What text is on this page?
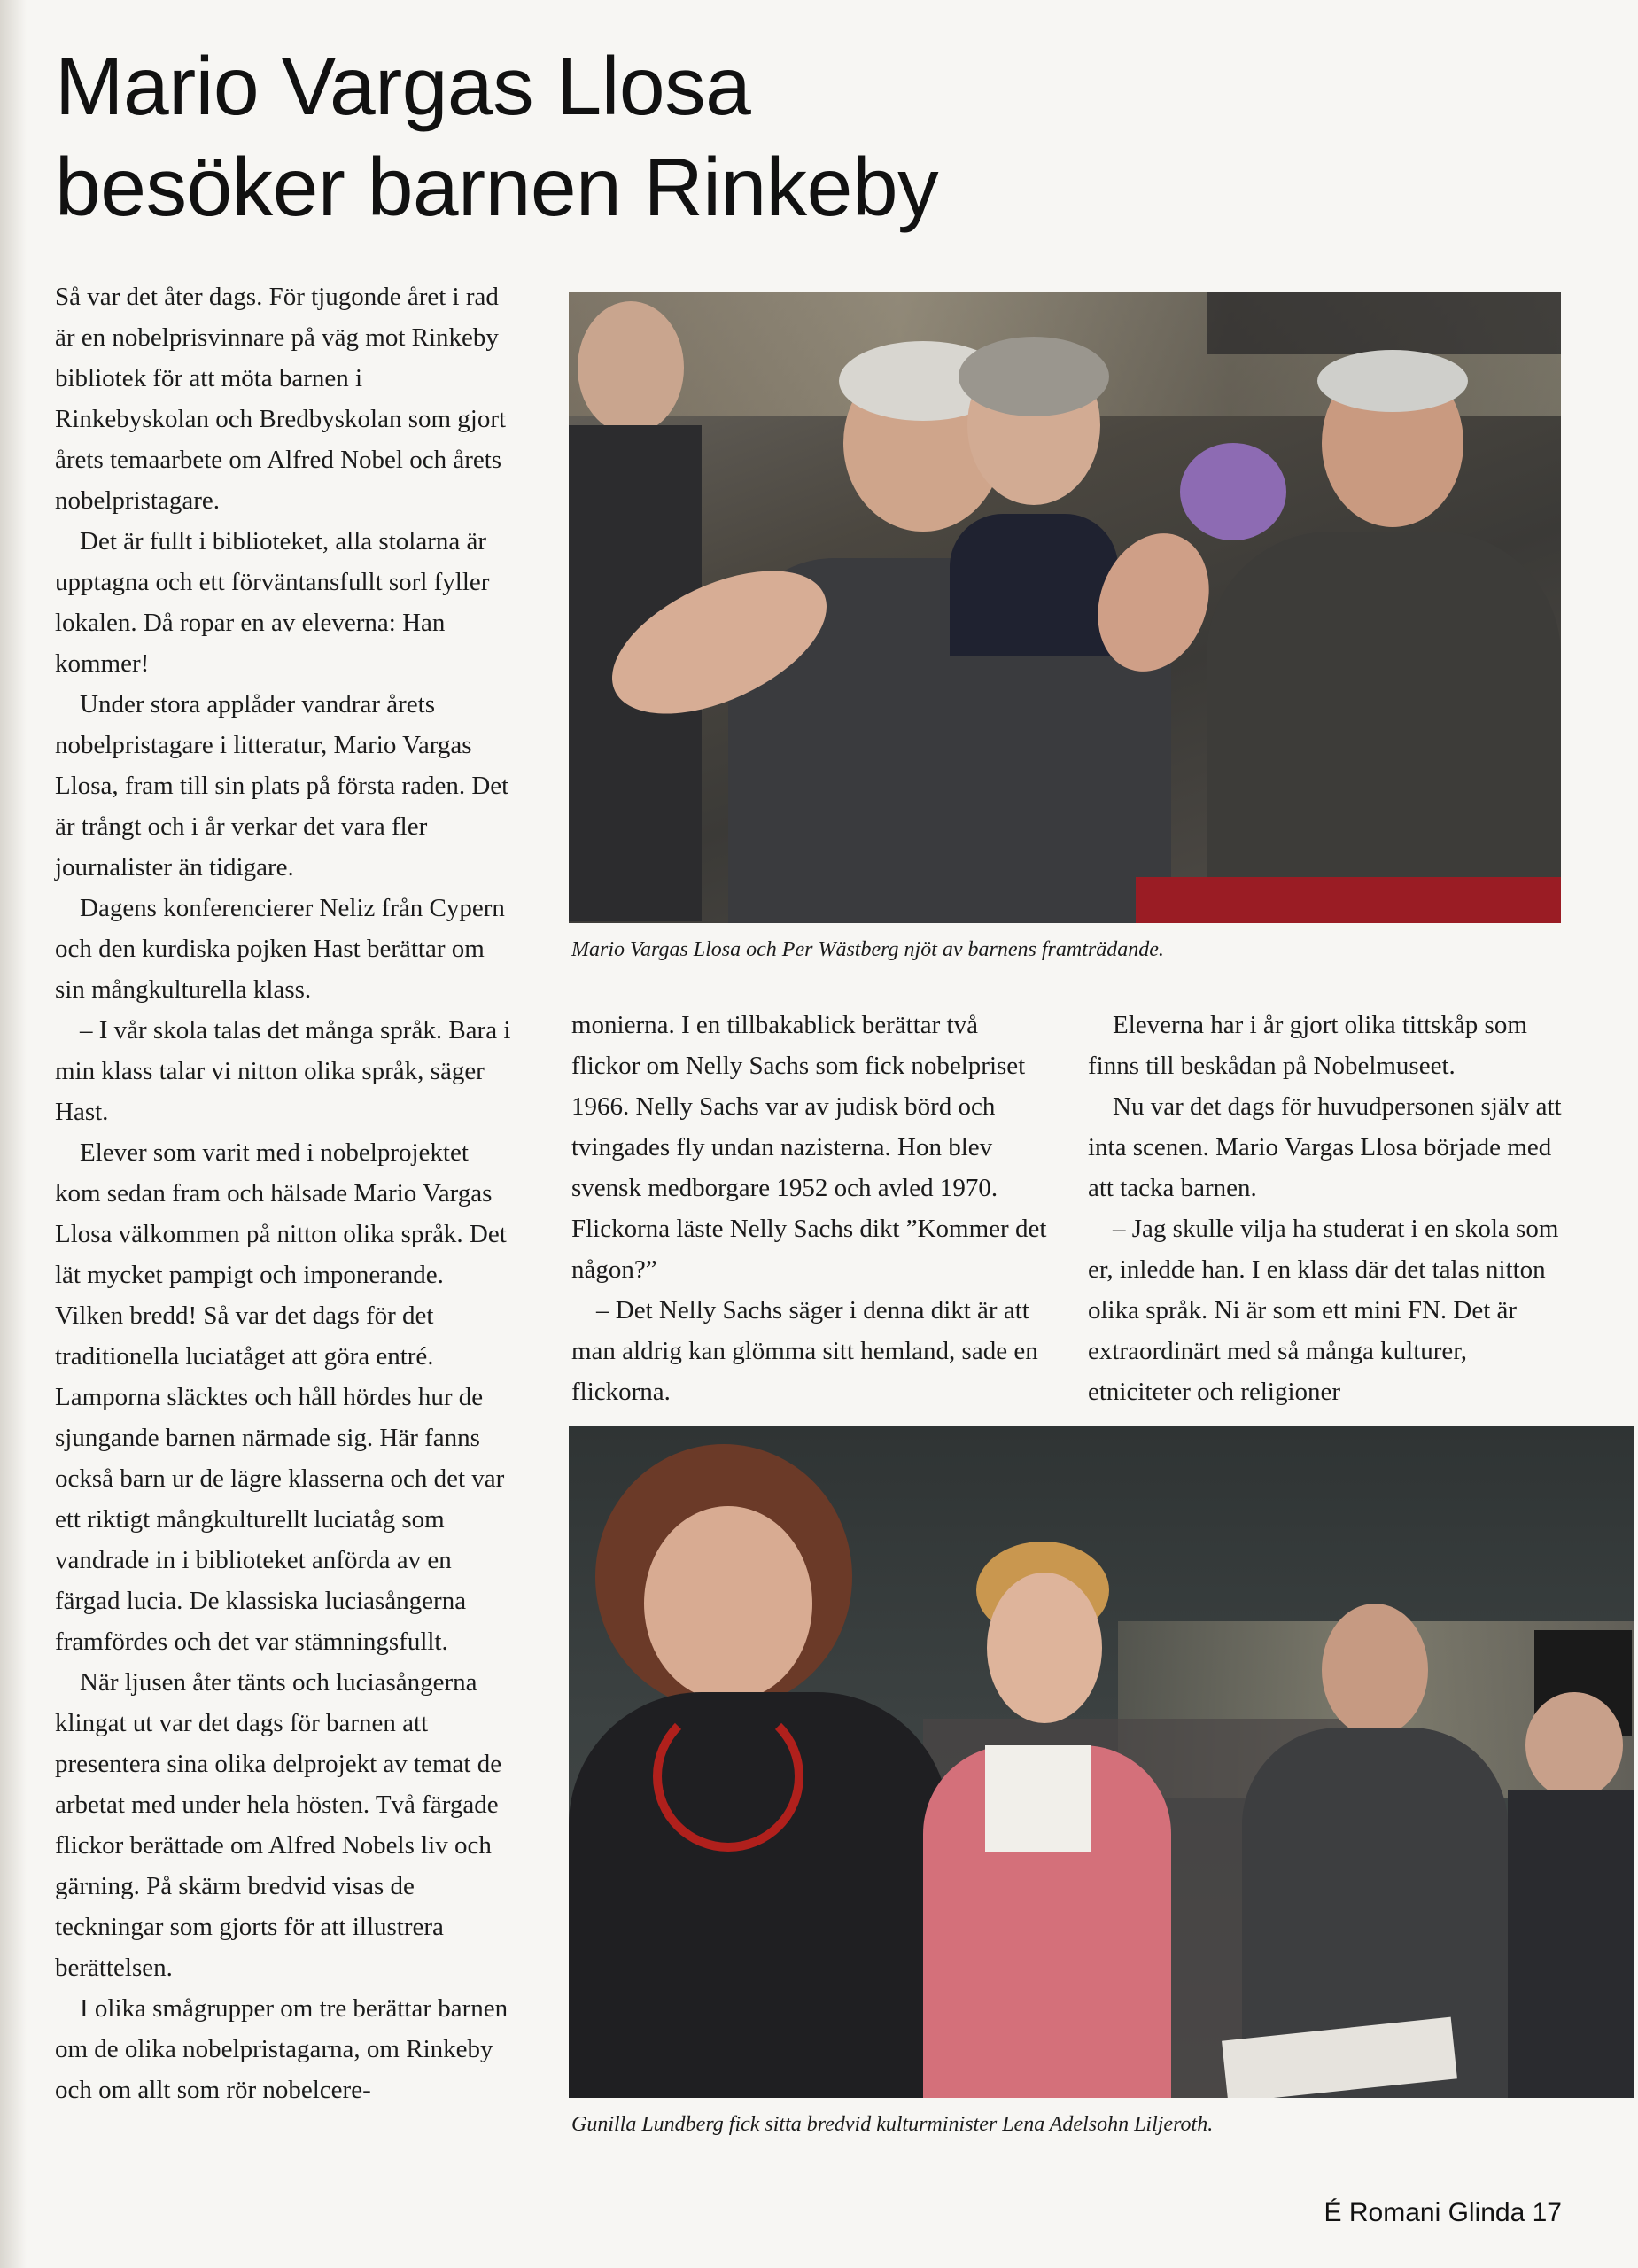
Mario Vargas Llosa
besöker barnen Rinkeby

Så var det åter dags. För tjugonde året i rad är en nobelprisvinnare på väg mot Rinkeby bibliotek för att möta barnen i Rinkebyskolan och Bredbyskolan som gjort årets temaarbete om Alfred Nobel och årets nobelpristagare.

Det är fullt i biblioteket, alla stolarna är upptagna och ett förväntansfullt sorl fyller lokalen. Då ropar en av eleverna: Han kommer!

Under stora applåder vandrar årets nobelpristagare i litteratur, Mario Vargas Llosa, fram till sin plats på första raden. Det är trångt och i år verkar det vara fler journalister än tidigare.

Dagens konferencierer Neliz från Cypern och den kurdiska pojken Hast berättar om sin mångkulturella klass.

– I vår skola talas det många språk. Bara i min klass talar vi nitton olika språk, säger Hast.

Elever som varit med i nobelprojektet kom sedan fram och hälsade Mario Vargas Llosa välkommen på nitton olika språk. Det lät mycket pampigt och imponerande. Vilken bredd! Så var det dags för det traditionella luciatåget att göra entré. Lamporna släcktes och håll hördes hur de sjungande barnen närmade sig. Här fanns också barn ur de lägre klasserna och det var ett riktigt mångkulturellt luciatåg som vandrade in i biblioteket anförda av en färgad lucia. De klassiska luciasångerna framfördes och det var stämningsfullt.

När ljusen åter tänts och luciasångerna klingat ut var det dags för barnen att presentera sina olika delprojekt av temat de arbetat med under hela hösten. Två färgade flickor berättade om Alfred Nobels liv och gärning. På skärm bredvid visas de teckningar som gjorts för att illustrera berättelsen.

I olika smågrupper om tre berättar barnen om de olika nobelpristagarna, om Rinkeby och om allt som rör nobelcere-

Mario Vargas Llosa och Per Wästberg njöt av barnens framträdande.

monierna. I en tillbakablick berättar två flickor om Nelly Sachs som fick nobelpriset 1966. Nelly Sachs var av judisk börd och tvingades fly undan nazisterna. Hon blev svensk medborgare 1952 och avled 1970. Flickorna läste Nelly Sachs dikt ”Kommer det någon?”

– Det Nelly Sachs säger i denna dikt är att man aldrig kan glömma sitt hemland, sade en flickorna.

Eleverna har i år gjort olika tittskåp som finns till beskådan på Nobelmuseet.

Nu var det dags för huvudpersonen själv att inta scenen. Mario Vargas Llosa började med att tacka barnen.

– Jag skulle vilja ha studerat i en skola som er, inledde han. I en klass där det talas nitton olika språk. Ni är som ett mini FN. Det är extraordinärt med så många kulturer, etniciteter och religioner

Gunilla Lundberg fick sitta bredvid kulturminister Lena Adelsohn Liljeroth.

É Romani Glinda 17
